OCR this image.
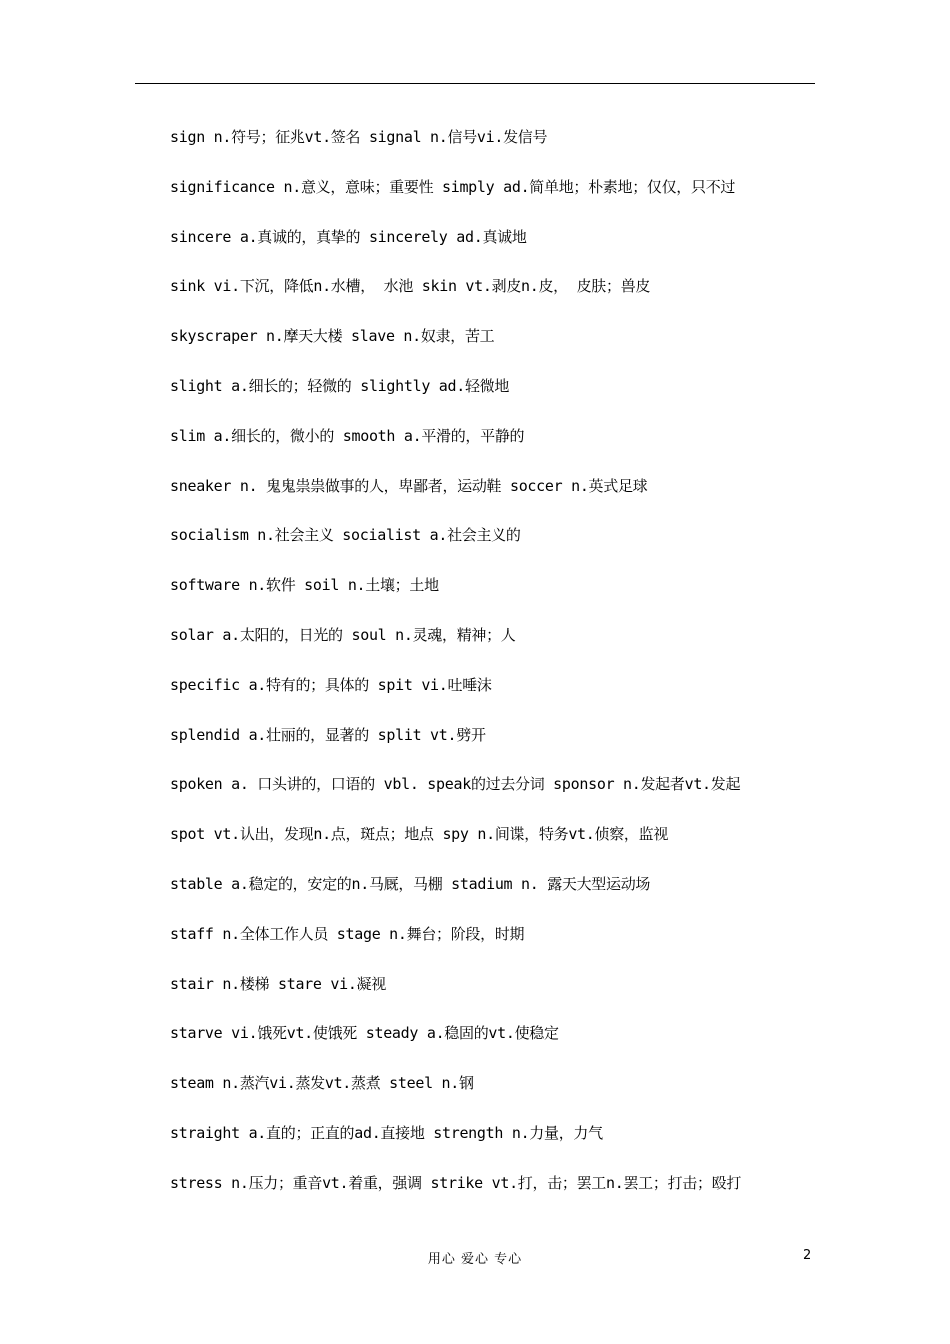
sign n.符号；征兆vt.签名 signal n.信号vi.发信号
significance n.意义，意味；重要性 simply ad.简单地；朴素地；仅仅，只不过
sincere a.真诚的，真挚的 sincerely ad.真诚地
sink vi.下沉，降低n.水槽， 水池 skin vt.剥皮n.皮， 皮肤；兽皮
skyscraper n.摩天大楼 slave n.奴隶，苦工
slight a.细长的；轻微的 slightly ad.轻微地
slim a.细长的，微小的 smooth a.平滑的，平静的
sneaker n. 鬼鬼祟祟做事的人，卑鄙者，运动鞋 soccer n.英式足球
socialism n.社会主义 socialist a.社会主义的
software n.软件 soil n.土壤；土地
solar a.太阳的，日光的 soul n.灵魂，精神；人
specific a.特有的；具体的 spit vi.吐唾沫
splendid a.壮丽的，显著的 split vt.劈开
spoken a. 口头讲的，口语的 vbl. speak的过去分词 sponsor n.发起者vt.发起
spot vt.认出，发现n.点，斑点；地点 spy n.间谍，特务vt.侦察，监视
stable a.稳定的，安定的n.马厩，马棚 stadium n. 露天大型运动场
staff n.全体工作人员 stage n.舞台；阶段，时期
stair n.楼梯 stare vi.凝视
starve vi.饿死vt.使饿死 steady a.稳固的vt.使稳定
steam n.蒸汽vi.蒸发vt.蒸煮 steel n.钢
straight a.直的；正直的ad.直接地 strength n.力量，力气
stress n.压力；重音vt.着重，强调 strike vt.打，击；罢工n.罢工；打击；殴打
用心 爱心 专心	2
